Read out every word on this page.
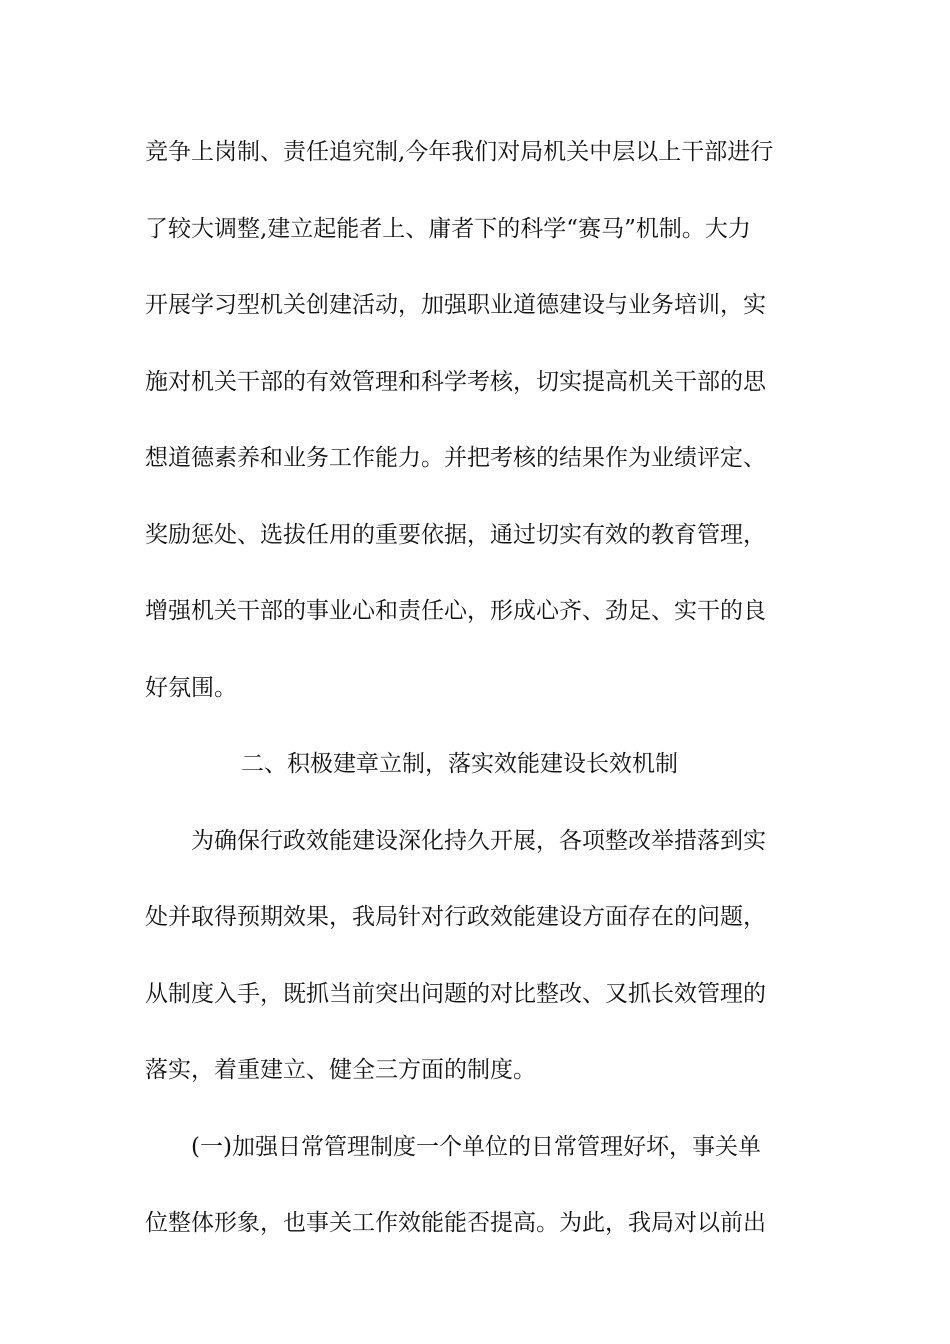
竞争上岗制、责任追究制,今年我们对局机关中层以上干部进行
了较大调整,建立起能者上、庸者下的科学“赛马”机制。大力
开展学习型机关创建活动，加强职业道德建设与业务培训，实
施对机关干部的有效管理和科学考核，切实提高机关干部的思
想道德素养和业务工作能力。并把考核的结果作为业绩评定、
奖励惩处、选拔任用的重要依据，通过切实有效的教育管理，
增强机关干部的事业心和责任心，形成心齐、劲足、实干的良
好氛围。
二、积极建章立制，落实效能建设长效机制
为确保行政效能建设深化持久开展，各项整改举措落到实
处并取得预期效果，我局针对行政效能建设方面存在的问题，
从制度入手，既抓当前突出问题的对比整改、又抓长效管理的
落实，着重建立、健全三方面的制度。
(一)加强日常管理制度一个单位的日常管理好坏，事关单
位整体形象，也事关工作效能能否提高。为此，我局对以前出
